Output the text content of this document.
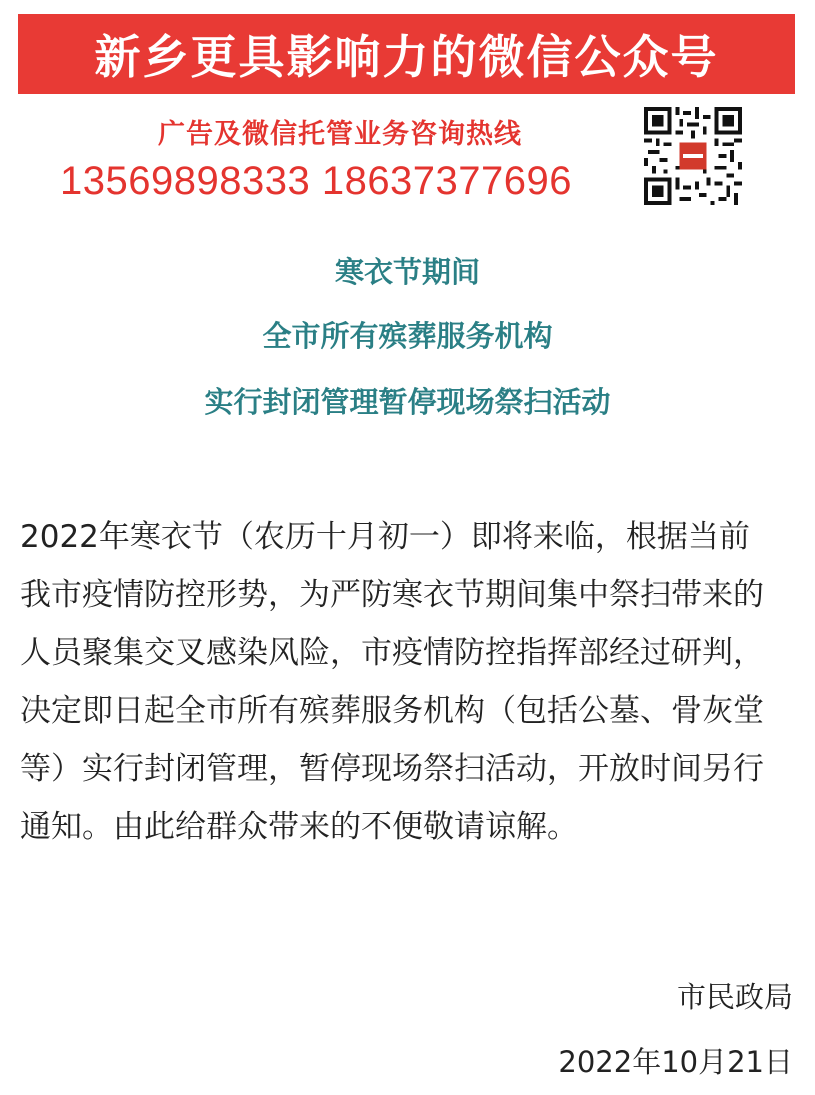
新乡更具影响力的微信公众号
广告及微信托管业务咨询热线
13569898333 18637377696
寒衣节期间
全市所有殡葬服务机构
实行封闭管理暂停现场祭扫活动
2022年寒衣节（农历十月初一）即将来临，根据当前
我市疫情防控形势，为严防寒衣节期间集中祭扫带来的
人员聚集交叉感染风险，市疫情防控指挥部经过研判，
决定即日起全市所有殡葬服务机构（包括公墓、骨灰堂
等）实行封闭管理，暂停现场祭扫活动，开放时间另行
通知。由此给群众带来的不便敬请谅解。
市民政局
2022年10月21日
